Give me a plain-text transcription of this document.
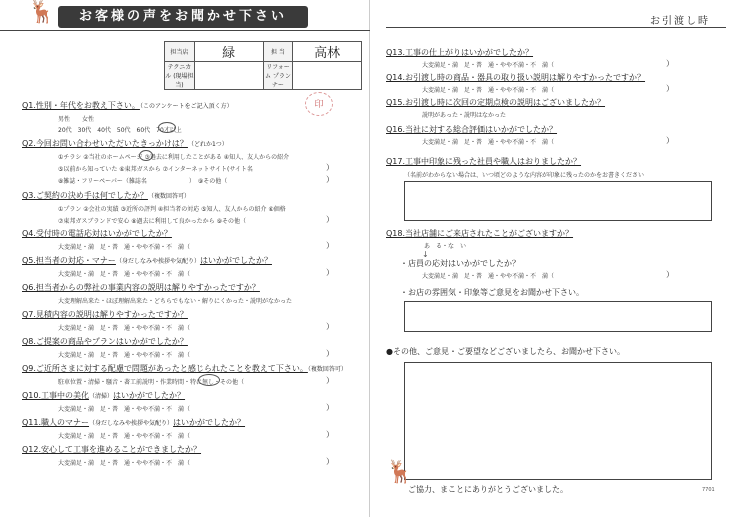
🦌	お客様の声をお聞かせ下さい
担当店	緑	担 当	高林
テクニカル (現場担当)		リフォーム プランナー	
印
Q1.性別・年代をお教え下さい。（このアンケートをご記入頂く方）
男性　　女性
20代　30代　40代　50代　60代　70才以上
Q2.今回お問い合わせいただいたきっかけは？（どれか1つ）
①チラシ ②当社のホームページ ③過去に利用したことがある ④知人、友人からの紹介
⑤以前から知っていた ⑥東邦ガスから ⑦インターネットサイト(サイト名	）
⑧雑誌・フリーペーパー（雑誌名　　　　　　　）　⑨その他（	）
Q3.ご契約の決め手は何でしたか？（複数回答可）
①プラン ②会社の実績 ③近所の評判 ④担当者の対応 ⑤知人、友人からの紹介 ⑥価格
⑦東邦ガスブランドで安心 ⑧過去に利用して良かったから ⑨その他（	）
Q4.受付時の電話応対はいかがでしたか？
大変満足・満　足・普　通・やや不満・不　満（	）
Q5.担当者の対応・マナー（身だしなみや挨拶や気配り）はいかがでしたか？
大変満足・満　足・普　通・やや不満・不　満（	）
Q6.担当者からの弊社の事業内容の説明は解りやすかったですか？
大変理解出来た・ほぼ理解出来た・どちらでもない・解りにくかった・説明がなかった
Q7.見積内容の説明は解りやすかったですか？
大変満足・満　足・普　通・やや不満・不　満（	）
Q8.ご提案の商品やプランはいかがでしたか？
大変満足・満　足・普　通・やや不満・不　満（	）
Q9.ご近所さまに対する配慮で問題があったと感じられたことを教えて下さい。（複数回答可）
駐車位置・清掃・騒音・著工前説明・作業時間・特に無し・その他（	）
Q10.工事中の美化（清掃）はいかがでしたか？
大変満足・満　足・普　通・やや不満・不　満（	）
Q11.職人のマナー（身だしなみや挨拶や気配り）はいかがでしたか？
大変満足・満　足・普　通・やや不満・不　満（	）
Q12.安心して工事を進めることができましたか？
大変満足・満　足・普　通・やや不満・不　満（	）
お引渡し時
Q13.工事の仕上がりはいかがでしたか？
大変満足・満　足・普　通・やや不満・不　満（	）
Q14.お引渡し時の商品・器具の取り扱い説明は解りやすかったですか？
大変満足・満　足・普　通・やや不満・不　満（	）
Q15.お引渡し時に次回の定期点検の説明はございましたか？
説明があった・説明はなかった
Q16.当社に対する総合評価はいかがでしたか？
大変満足・満　足・普　通・やや不満・不　満（	）
Q17.工事中印象に残った社員や職人はおりましたか？
（名前がわからない場合は、いつ頃どのような内容が印象に残ったのかをお書きください
Q18.当社店舗にご来店されたことがございますか？
あ　る・な　い
↓
・店員の応対はいかがでしたか？
大変満足・満　足・普　通・やや不満・不　満（	）
・お店の雰囲気・印象等ご意見をお聞かせ下さい。
●その他、ご意見・ご要望などございましたら、お聞かせ下さい。
🦌
ご協力、まことにありがとうございました。	7701
